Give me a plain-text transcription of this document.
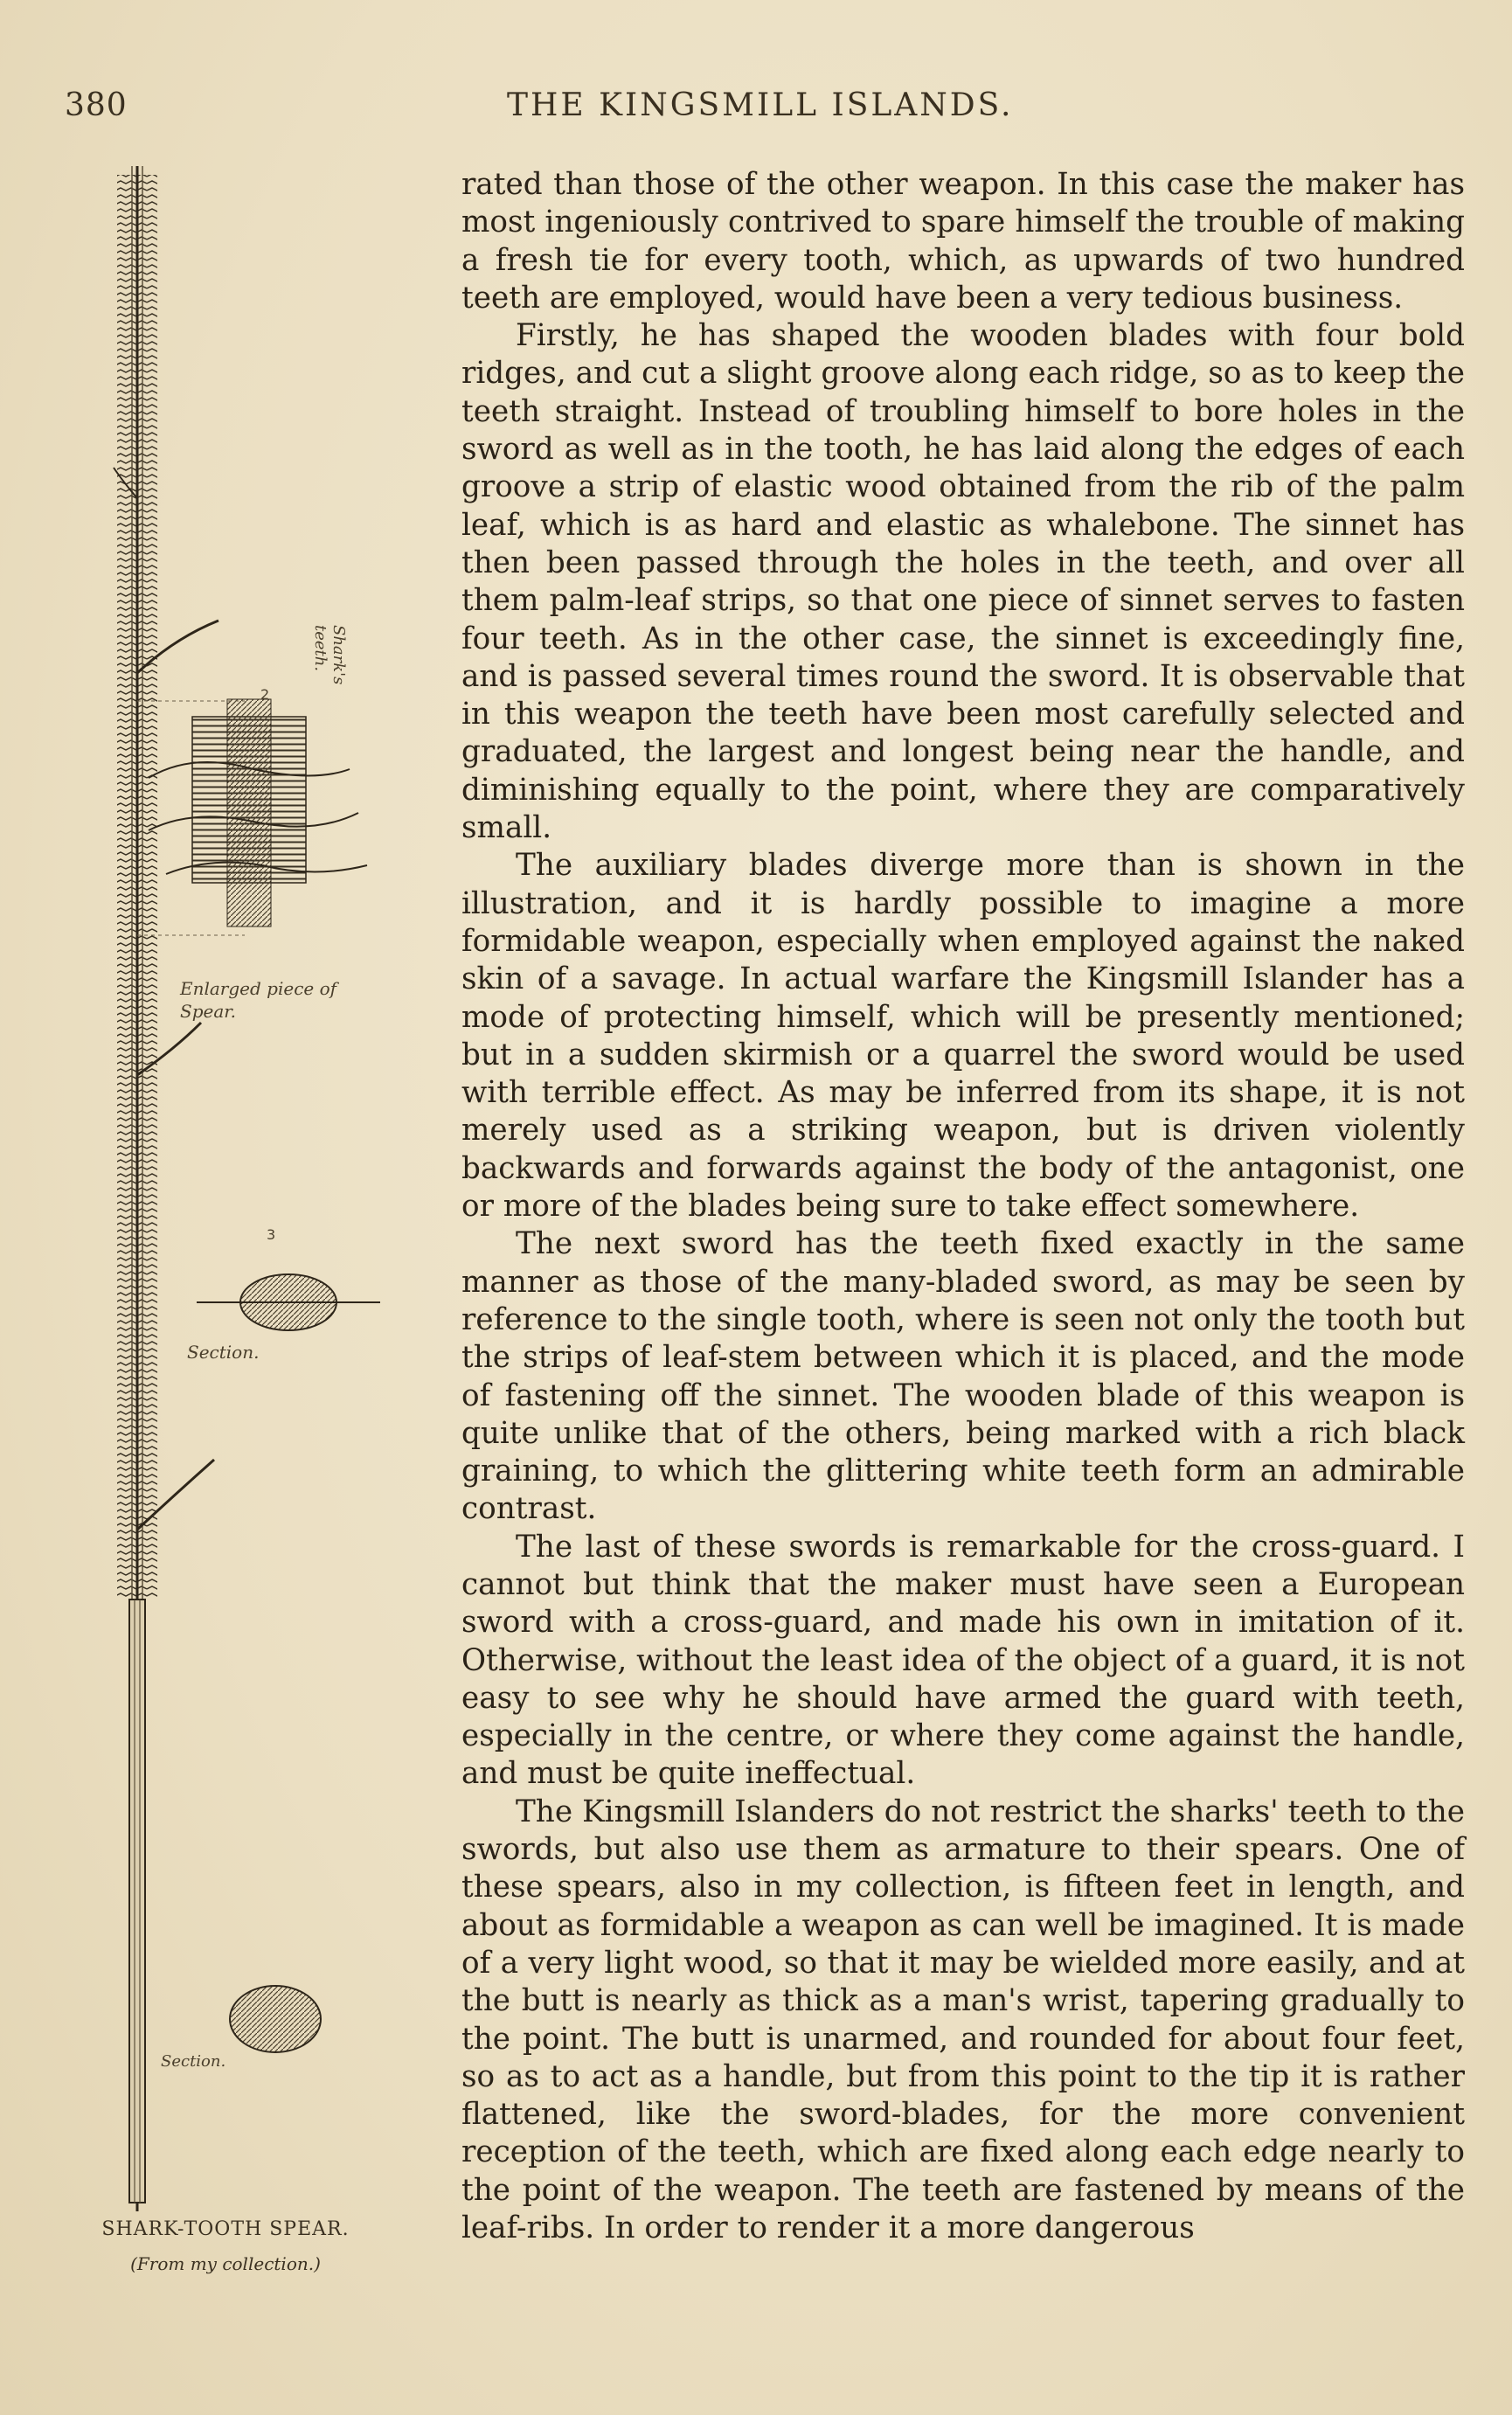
380	THE KINGSMILL ISLANDS.
Shark's teeth.
2
Enlarged piece of Spear.
3
Section.
Section.
SHARK-TOOTH SPEAR.
(From my collection.)

rated than those of the other weapon. In this case the maker has most ingeniously contrived to spare himself the trouble of making a fresh tie for every tooth, which, as upwards of two hundred teeth are employed, would have been a very tedious business.

Firstly, he has shaped the wooden blades with four bold ridges, and cut a slight groove along each ridge, so as to keep the teeth straight. Instead of troubling himself to bore holes in the sword as well as in the tooth, he has laid along the edges of each groove a strip of elastic wood obtained from the rib of the palm leaf, which is as hard and elastic as whalebone. The sinnet has then been passed through the holes in the teeth, and over all them palm-leaf strips, so that one piece of sinnet serves to fasten four teeth. As in the other case, the sinnet is exceedingly fine, and is passed several times round the sword. It is observable that in this weapon the teeth have been most carefully selected and graduated, the largest and longest being near the handle, and diminishing equally to the point, where they are comparatively small.

The auxiliary blades diverge more than is shown in the illustration, and it is hardly possible to imagine a more formidable weapon, especially when employed against the naked skin of a savage. In actual warfare the Kingsmill Islander has a mode of protecting himself, which will be presently mentioned; but in a sudden skirmish or a quarrel the sword would be used with terrible effect. As may be inferred from its shape, it is not merely used as a striking weapon, but is driven violently backwards and forwards against the body of the antagonist, one or more of the blades being sure to take effect somewhere.

The next sword has the teeth fixed exactly in the same manner as those of the many-bladed sword, as may be seen by reference to the single tooth, where is seen not only the tooth but the strips of leaf-stem between which it is placed, and the mode of fastening off the sinnet. The wooden blade of this weapon is quite unlike that of the others, being marked with a rich black graining, to which the glittering white teeth form an admirable contrast.

The last of these swords is remarkable for the cross-guard. I cannot but think that the maker must have seen a European sword with a cross-guard, and made his own in imitation of it. Otherwise, without the least idea of the object of a guard, it is not easy to see why he should have armed the guard with teeth, especially in the centre, or where they come against the handle, and must be quite ineffectual.

The Kingsmill Islanders do not restrict the sharks' teeth to the swords, but also use them as armature to their spears. One of these spears, also in my collection, is fifteen feet in length, and about as formidable a weapon as can well be imagined. It is made of a very light wood, so that it may be wielded more easily, and at the butt is nearly as thick as a man's wrist, tapering gradually to the point. The butt is unarmed, and rounded for about four feet, so as to act as a handle, but from this point to the tip it is rather flattened, like the sword-blades, for the more convenient reception of the teeth, which are fixed along each edge nearly to the point of the weapon. The teeth are fastened by means of the leaf-ribs. In order to render it a more dangerous
